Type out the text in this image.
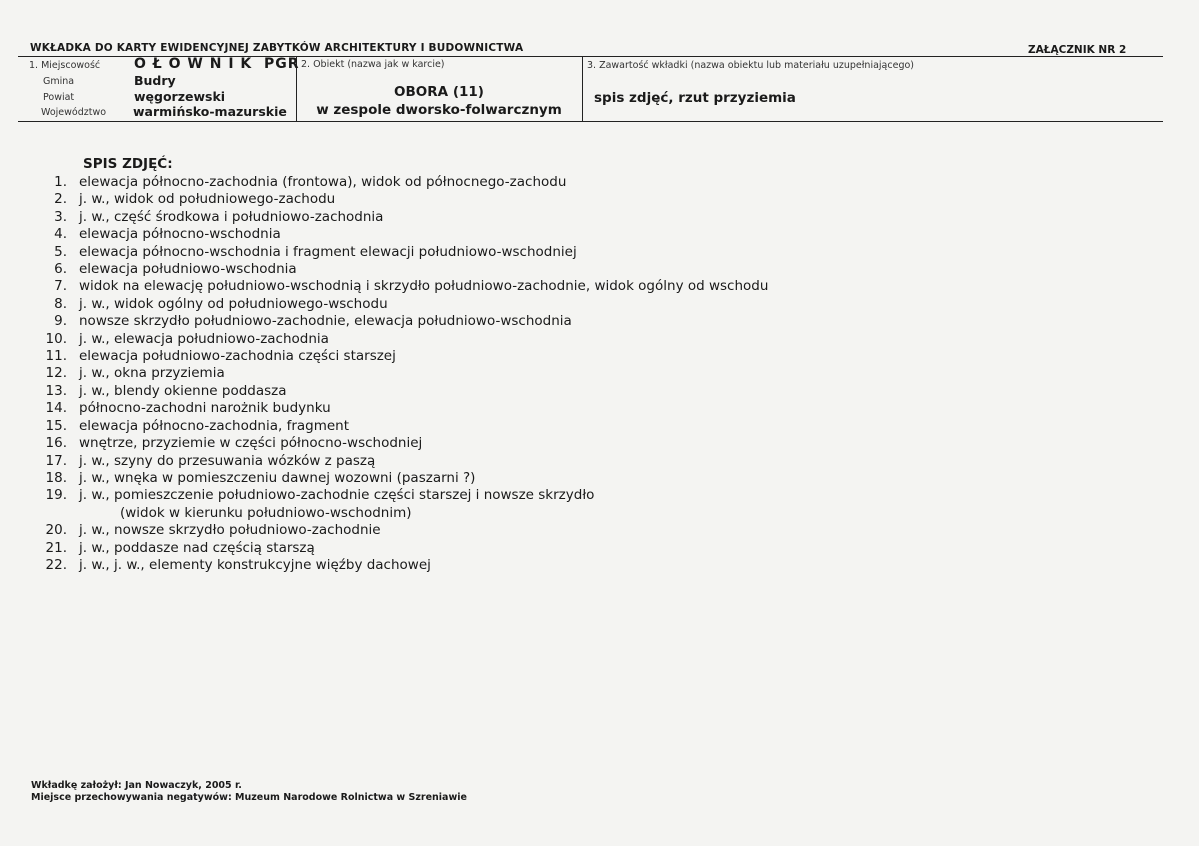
WKŁADKA DO KARTY EWIDENCYJNEJ ZABYTKÓW ARCHITEKTURY I BUDOWNICTWA	ZAŁĄCZNIK NR 2
1. Miejscowość O Ł O W N I K  PGR
Gmina	Budry
Powiat	węgorzewski
Województwo warmińsko-mazurskie
2. Obiekt (nazwa jak w karcie)
OBORA (11)
w zespole dworsko-folwarcznym
3. Zawartość wkładki (nazwa obiektu lub materiału uzupełniającego)
spis zdjęć, rzut przyziemia
SPIS ZDJĘĆ:
1. elewacja północno-zachodnia (frontowa), widok od północnego-zachodu
2. j. w., widok od południowego-zachodu
3. j. w., część środkowa i południowo-zachodnia
4. elewacja północno-wschodnia
5. elewacja północno-wschodnia i fragment elewacji południowo-wschodniej
6. elewacja południowo-wschodnia
7. widok na elewację południowo-wschodnią i skrzydło południowo-zachodnie, widok ogólny od wschodu
8. j. w., widok ogólny od południowego-wschodu
9. nowsze skrzydło południowo-zachodnie, elewacja południowo-wschodnia
10. j. w., elewacja południowo-zachodnia
11. elewacja południowo-zachodnia części starszej
12. j. w., okna przyziemia
13. j. w., blendy okienne poddasza
14. północno-zachodni narożnik budynku
15. elewacja północno-zachodnia, fragment
16. wnętrze, przyziemie w części północno-wschodniej
17. j. w., szyny do przesuwania wózków z paszą
18. j. w., wnęka w pomieszczeniu dawnej wozowni (paszarni ?)
19. j. w., pomieszczenie południowo-zachodnie części starszej i nowsze skrzydło
(widok w kierunku południowo-wschodnim)
20. j. w., nowsze skrzydło południowo-zachodnie
21. j. w., poddasze nad częścią starszą
22. j. w., j. w., elementy konstrukcyjne więźby dachowej
Wkładkę założył: Jan Nowaczyk, 2005 r.
Miejsce przechowywania negatywów: Muzeum Narodowe Rolnictwa w Szreniawie
